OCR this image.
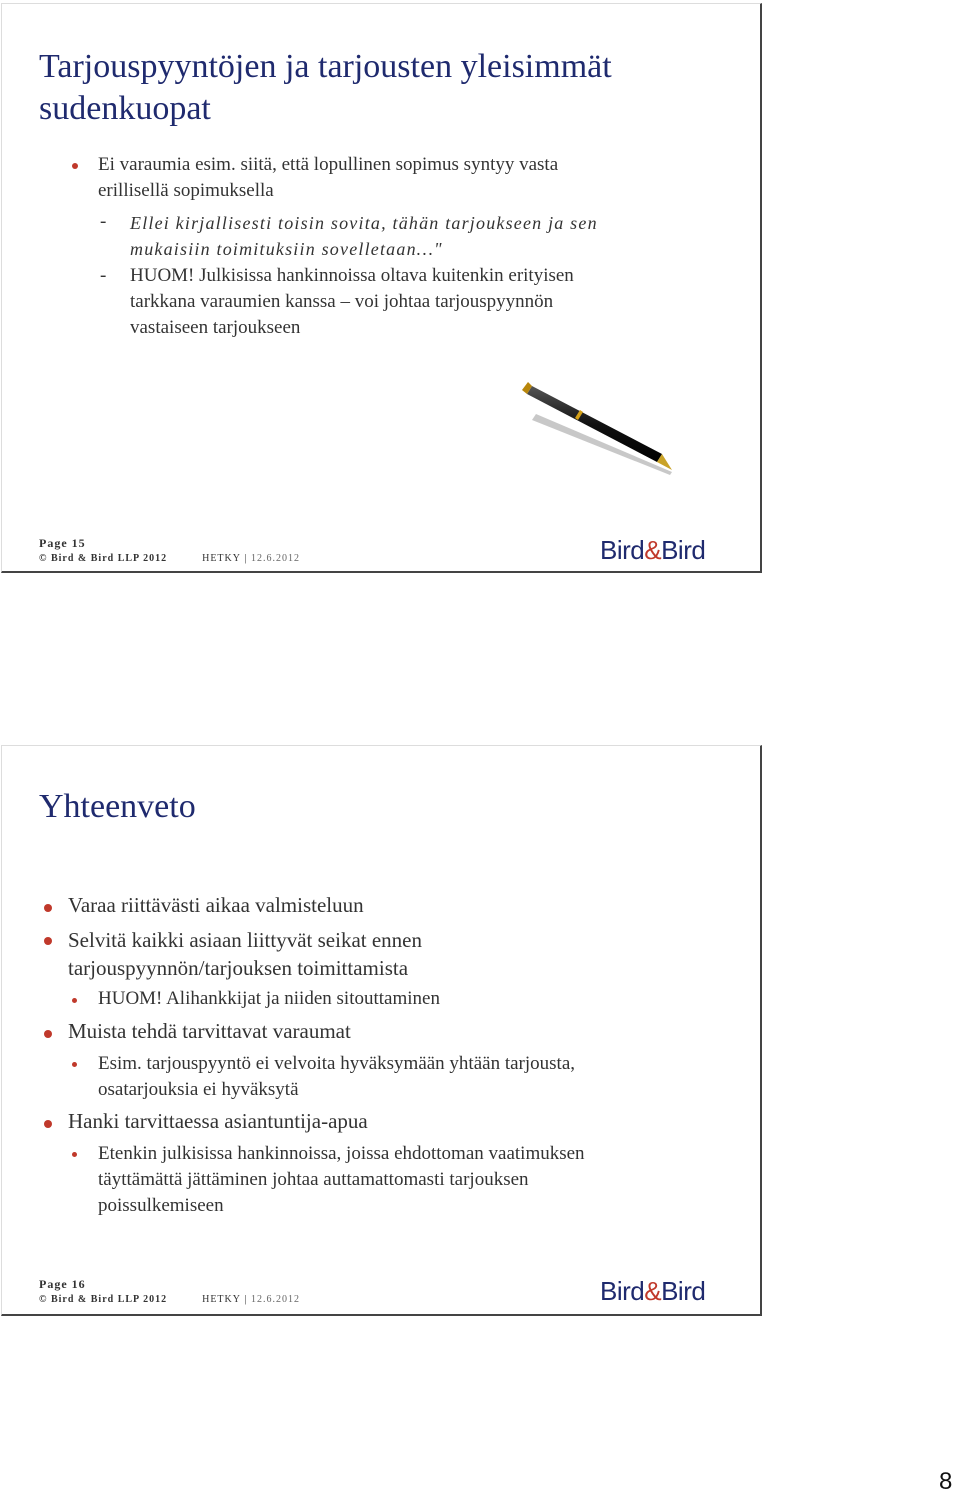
Tarjouspyyntöjen ja tarjousten yleisimmät sudenkuopat
Ei varaumia esim. siitä, että lopullinen sopimus syntyy vasta
erillisellä sopimuksella
- Ellei kirjallisesti toisin sovita, tähän tarjoukseen ja sen
mukaisiin toimituksiin sovelletaan…"
- HUOM! Julkisissa hankinnoissa oltava kuitenkin erityisen
tarkkana varaumien kanssa – voi johtaa tarjouspyynnön
vastaiseen tarjoukseen
Page 15
© Bird & Bird LLP 2012	HETKY | 12.6.2012	Bird&Bird
Yhteenveto
Varaa riittävästi aikaa valmisteluun
Selvitä kaikki asiaan liittyvät seikat ennen
tarjouspyynnön/tarjouksen toimittamista
HUOM! Alihankkijat ja niiden sitouttaminen
Muista tehdä tarvittavat varaumat
Esim. tarjouspyyntö ei velvoita hyväksymään yhtään tarjousta,
osatarjouksia ei hyväksytä
Hanki tarvittaessa asiantuntija-apua
Etenkin julkisissa hankinnoissa, joissa ehdottoman vaatimuksen
täyttämättä jättäminen johtaa auttamattomasti tarjouksen
poissulkemiseen
Page 16
© Bird & Bird LLP 2012	HETKY | 12.6.2012	Bird&Bird
8
